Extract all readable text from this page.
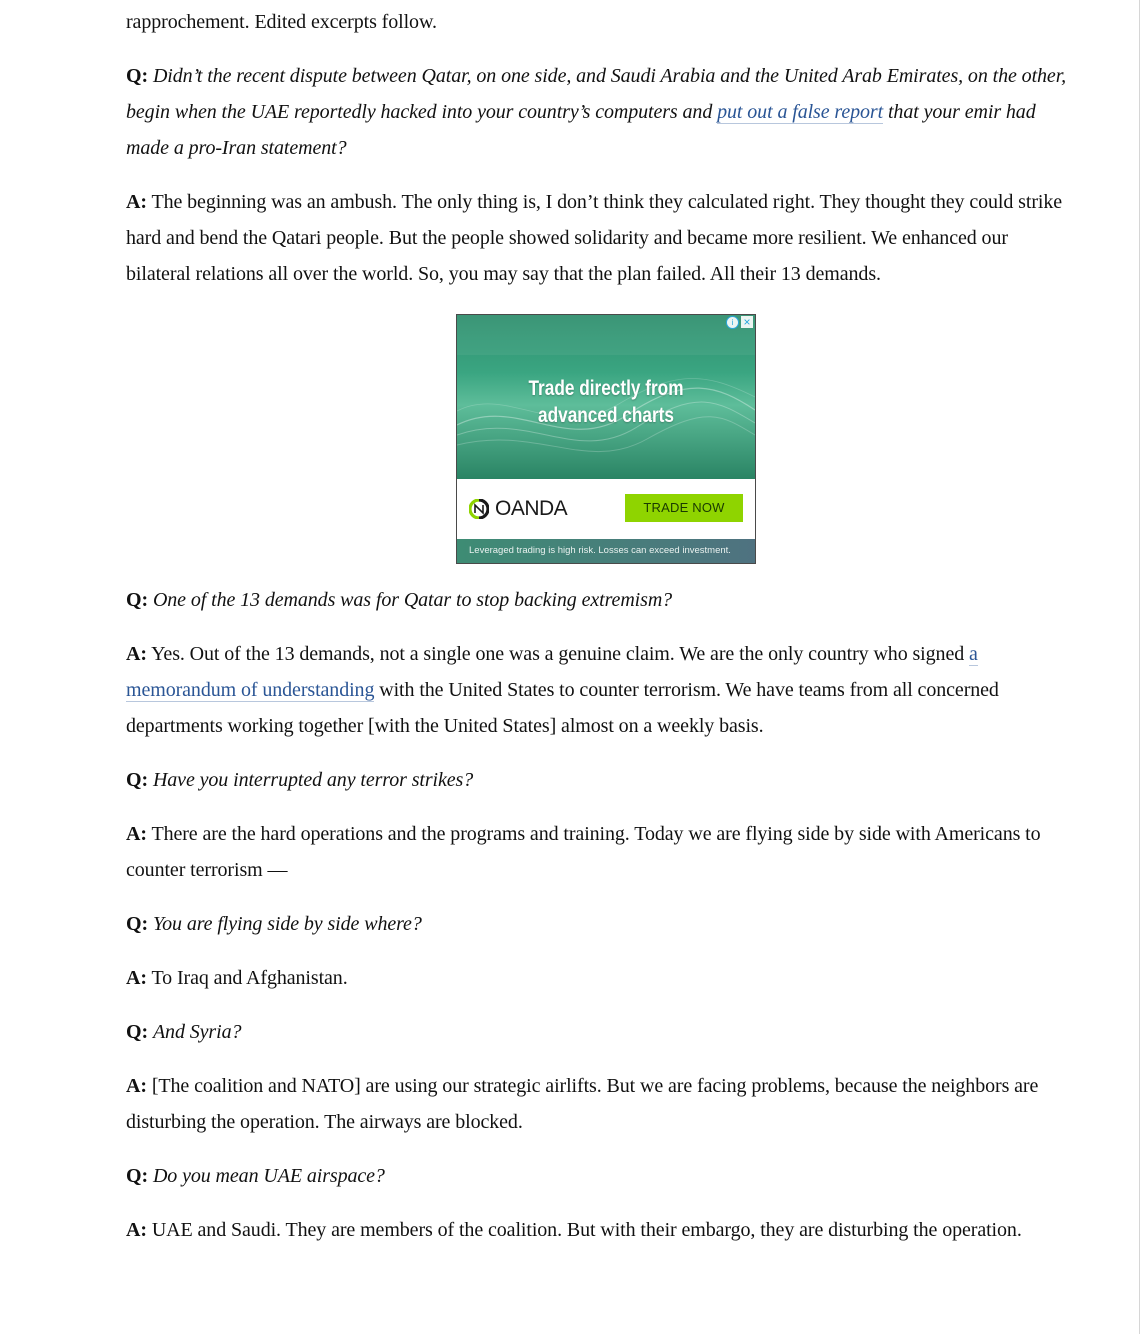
rapprochement. Edited excerpts follow.

Q: Didn’t the recent dispute between Qatar, on one side, and Saudi Arabia and the United Arab Emirates, on the other, begin when the UAE reportedly hacked into your country’s computers and put out a false report that your emir had made a pro-Iran statement?

A: The beginning was an ambush. The only thing is, I don’t think they calculated right. They thought they could strike hard and bend the Qatari people. But the people showed solidarity and became more resilient. We enhanced our bilateral relations all over the world. So, you may say that the plan failed. All their 13 demands.

Trade directly from
advanced charts
i ×
OANDA	TRADE NOW
Leveraged trading is high risk. Losses can exceed investment.

Q: One of the 13 demands was for Qatar to stop backing extremism?

A: Yes. Out of the 13 demands, not a single one was a genuine claim. We are the only country who signed a memorandum of understanding with the United States to counter terrorism. We have teams from all concerned departments working together [with the United States] almost on a weekly basis.

Q: Have you interrupted any terror strikes?

A: There are the hard operations and the programs and training. Today we are flying side by side with Americans to counter terrorism —

Q: You are flying side by side where?

A: To Iraq and Afghanistan.

Q: And Syria?

A: [The coalition and NATO] are using our strategic airlifts. But we are facing problems, because the neighbors are disturbing the operation. The airways are blocked.

Q: Do you mean UAE airspace?

A: UAE and Saudi. They are members of the coalition. But with their embargo, they are disturbing the operation.
